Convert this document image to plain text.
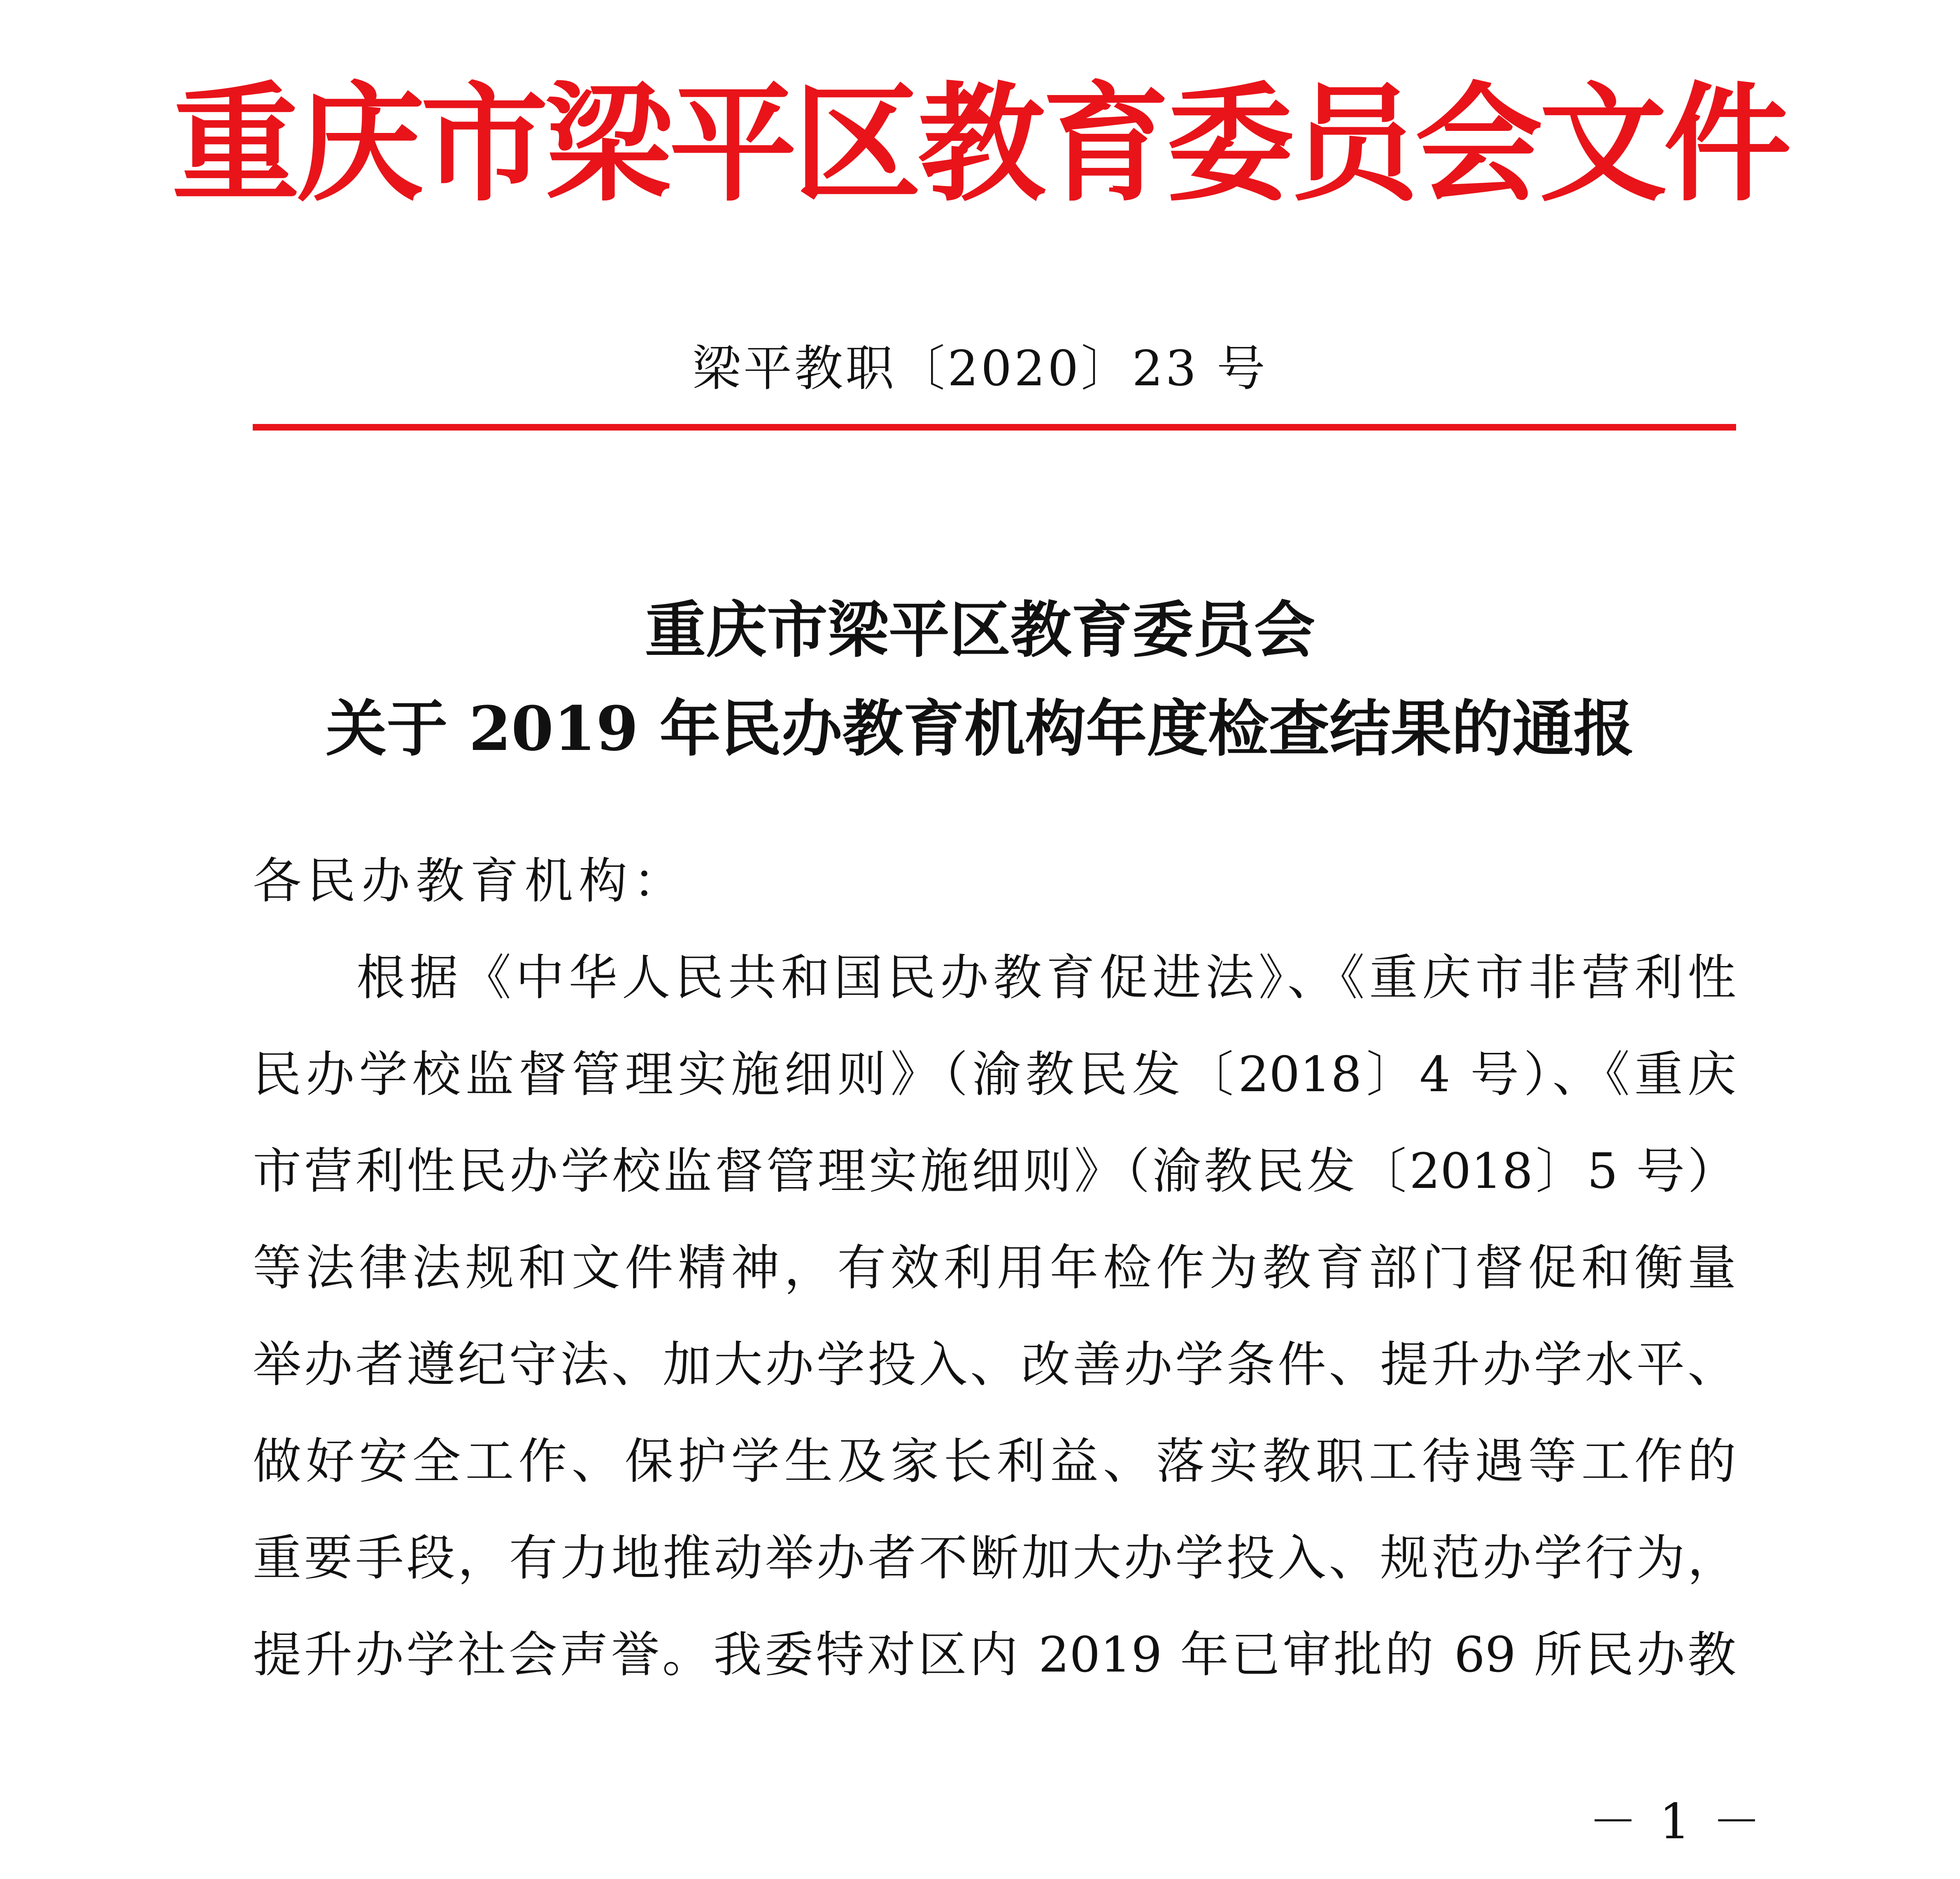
重庆市梁平区教育委员会文件
梁平教职〔2020〕23 号
重庆市梁平区教育委员会
关于 2019 年民办教育机构年度检查结果的通报
各民办教育机构：
根据《中华人民共和国民办教育促进法》、《重庆市非营利性
民办学校监督管理实施细则》（渝教民发〔2018〕4 号）、《重庆
市营利性民办学校监督管理实施细则》（渝教民发〔2018〕5 号）
等法律法规和文件精神，有效利用年检作为教育部门督促和衡量
举办者遵纪守法、加大办学投入、改善办学条件、提升办学水平、
做好安全工作、保护学生及家长利益、落实教职工待遇等工作的
重要手段，有力地推动举办者不断加大办学投入、规范办学行为，
提升办学社会声誉。我委特对区内 2019 年已审批的 69 所民办教
－ 1 －
